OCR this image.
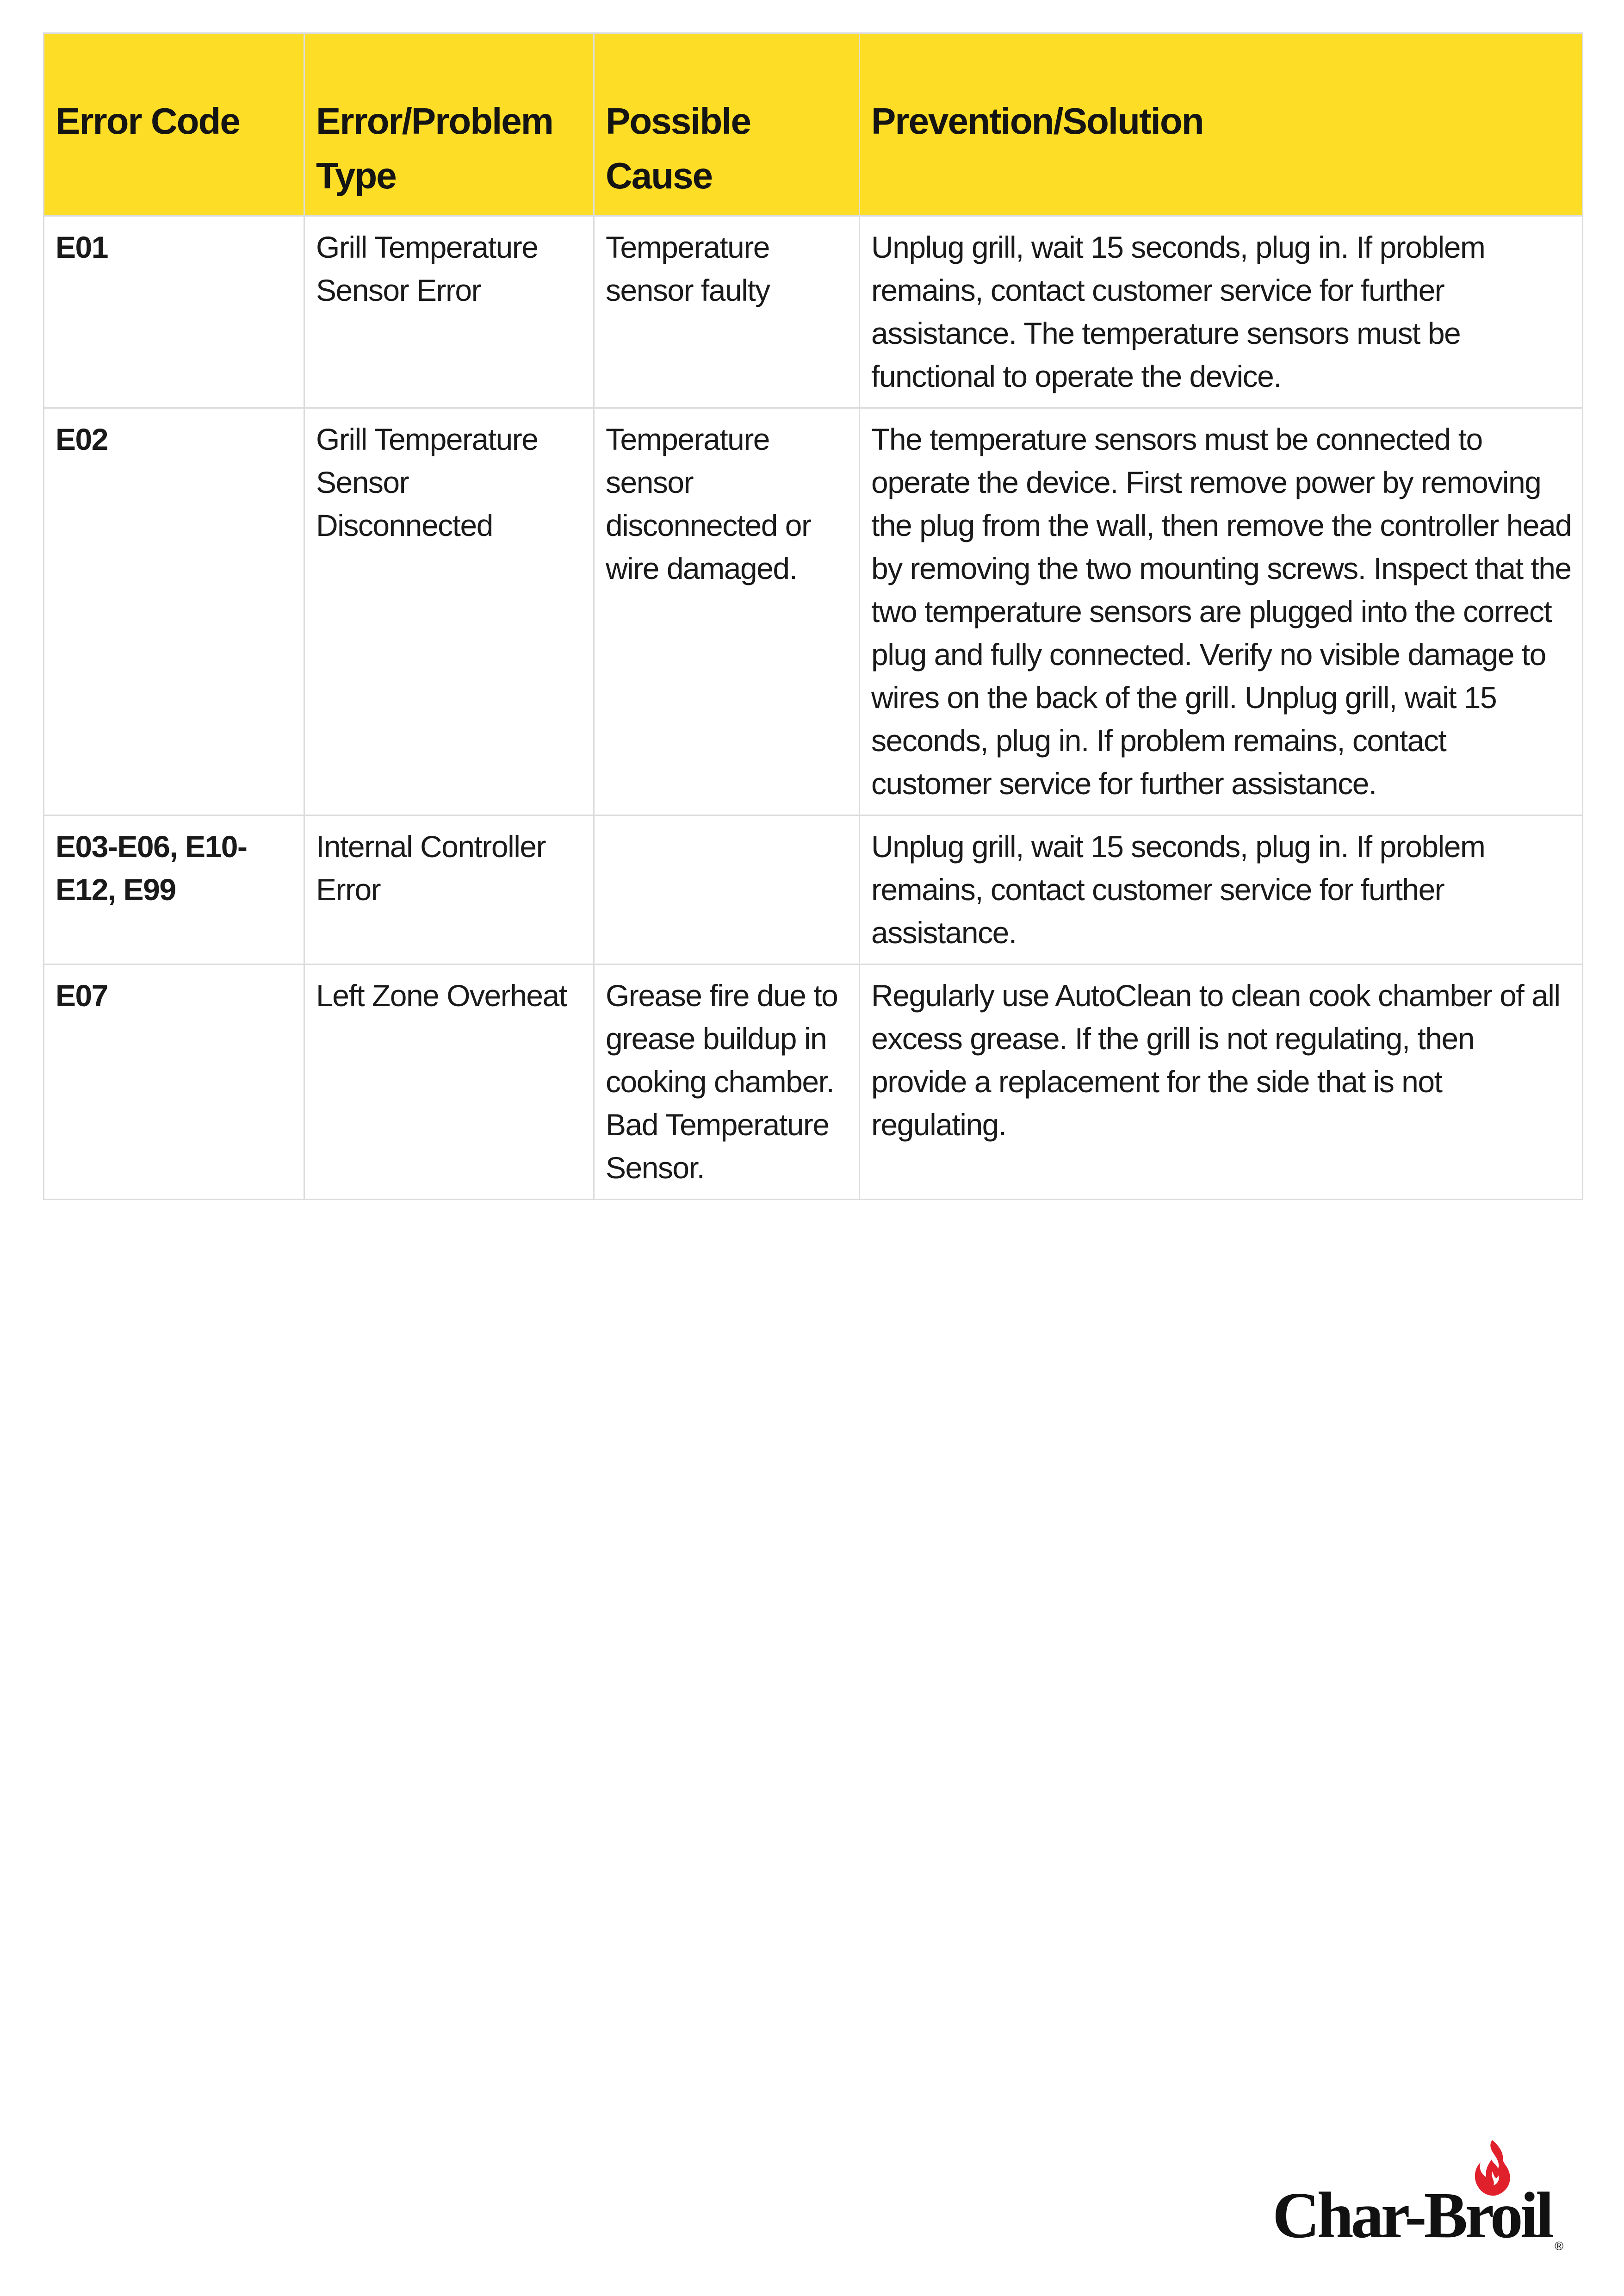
Error Code	Error/Problem Type	Possible Cause	Prevention/Solution
E01	Grill Temperature Sensor Error	Temperature sensor faulty	Unplug grill, wait 15 seconds, plug in. If problem remains, contact customer service for further assistance. The temperature sensors must be functional to operate the device.
E02	Grill Temperature Sensor Disconnected	Temperature sensor disconnected or wire damaged.	The temperature sensors must be connected to operate the device. First remove power by removing the plug from the wall, then remove the controller head by removing the two mounting screws. Inspect that the two temperature sensors are plugged into the correct plug and fully connected. Verify no visible damage to wires on the back of the grill. Unplug grill, wait 15 seconds, plug in. If problem remains, contact customer service for further assistance.
E03-E06, E10-E12, E99	Internal Controller Error		Unplug grill, wait 15 seconds, plug in. If problem remains, contact customer service for further assistance.
E07	Left Zone Overheat	Grease fire due to grease buildup in cooking chamber. Bad Temperature Sensor.	Regularly use AutoClean to clean cook chamber of all excess grease. If the grill is not regulating, then provide a replacement for the side that is not regulating.
Char-Broil ®
